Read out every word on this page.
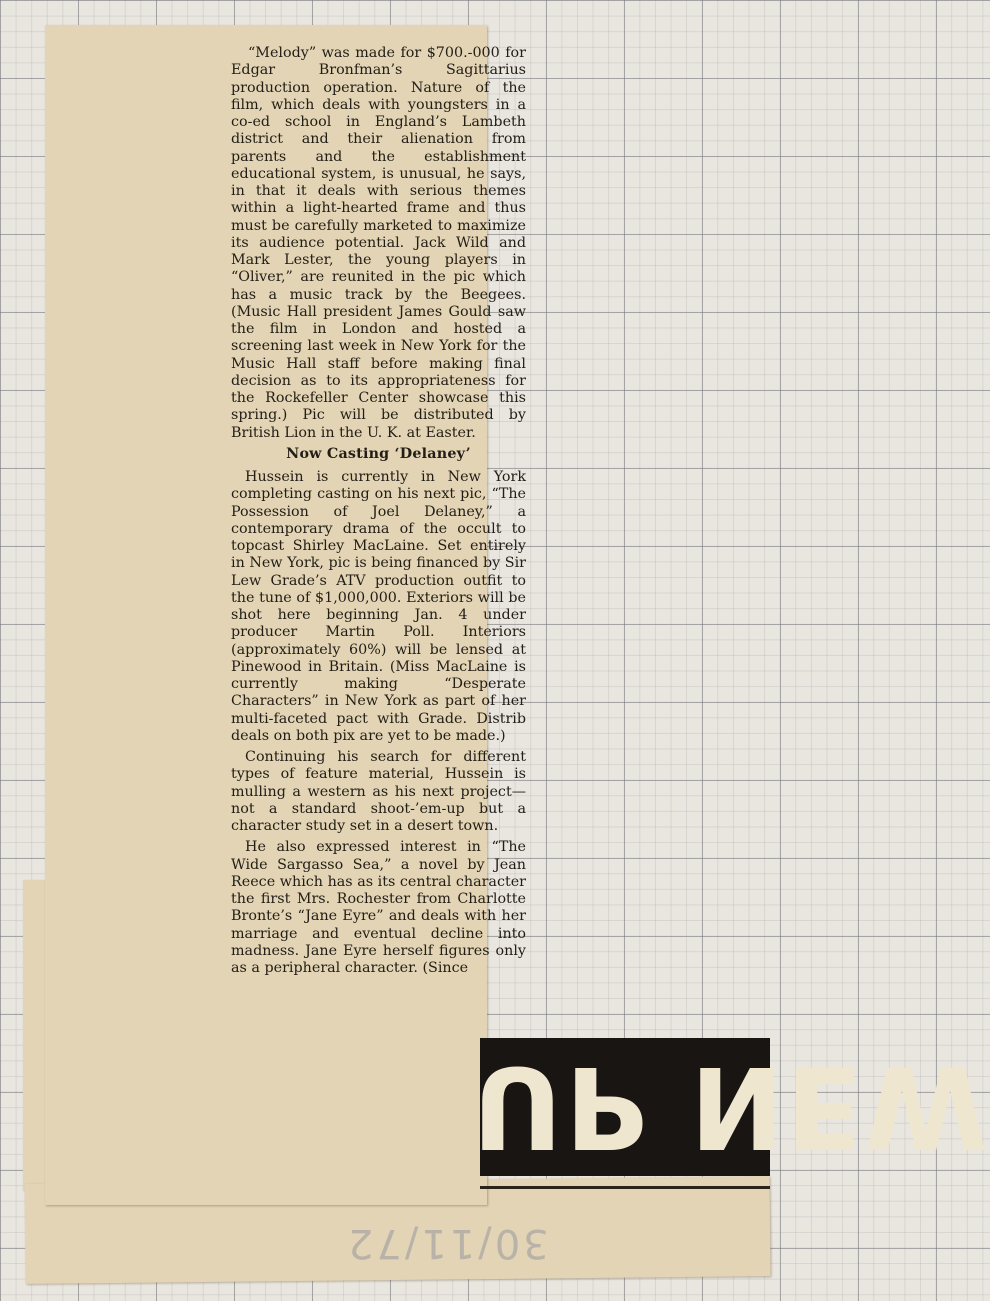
“Melody” was made for $700.-000 for Edgar Bronfman’s Sagittarius production operation. Nature of the film, which deals with youngsters in a co-ed school in England’s Lambeth district and their alienation from parents and the establishment educational system, is unusual, he says, in that it deals with serious themes within a light-hearted frame and thus must be carefully marketed to maximize its audience potential. Jack Wild and Mark Lester, the young players in “Oliver,” are reunited in the pic which has a music track by the Beegees. (Music Hall president James Gould saw the film in London and hosted a screening last week in New York for the Music Hall staff before making final decision as to its appropriateness for the Rockefeller Center showcase this spring.) Pic will be distributed by British Lion in the U. K. at Easter.

Now Casting ‘Delaney’

Hussein is currently in New York completing casting on his next pic, “The Possession of Joel Delaney,” a contemporary drama of the occult to topcast Shirley MacLaine. Set entirely in New York, pic is being financed by Sir Lew Grade’s ATV production outfit to the tune of $1,000,000. Exteriors will be shot here beginning Jan. 4 under producer Martin Poll. Interiors (approximately 60%) will be lensed at Pinewood in Britain. (Miss MacLaine is currently making “Desperate Characters” in New York as part of her multi-faceted pact with Grade. Distrib deals on both pix are yet to be made.)

Continuing his search for different types of feature material, Hussein is mulling a western as his next project—not a standard shoot-’em-up but a character study set in a desert town.

He also expressed interest in “The Wide Sargasso Sea,” a novel by Jean Reece which has as its central character the first Mrs. Rochester from Charlotte Bronte’s “Jane Eyre” and deals with her marriage and eventual decline into madness. Jane Eyre herself figures only as a peripheral character. (Since

UP NEW
30/11/72
